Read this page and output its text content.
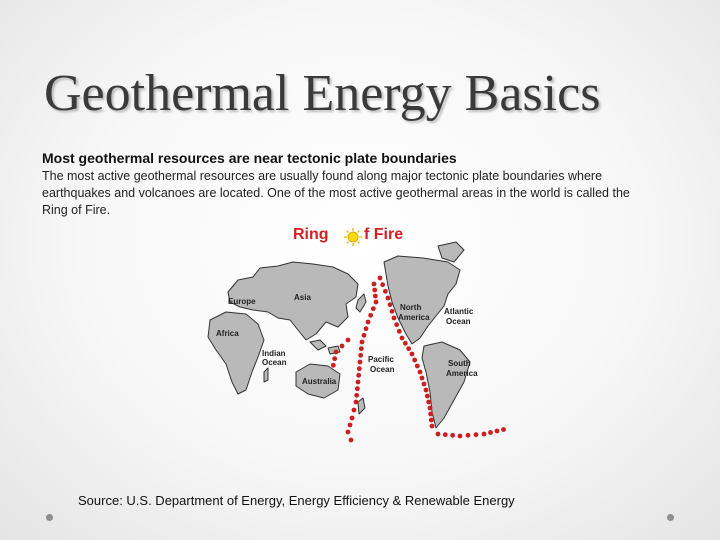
Geothermal Energy Basics

Most geothermal resources are near tectonic plate boundaries

The most active geothermal resources are usually found along major tectonic plate boundaries where earthquakes and volcanoes are located. One of the most active geothermal areas in the world is called the Ring of Fire.

Ring f Fire
Europe	Asia
Africa
Indian
Ocean
Australia
Pacific
Ocean
North
America
Atlantic
Ocean
South
America

Source: U.S. Department of Energy, Energy Efficiency & Renewable Energy
